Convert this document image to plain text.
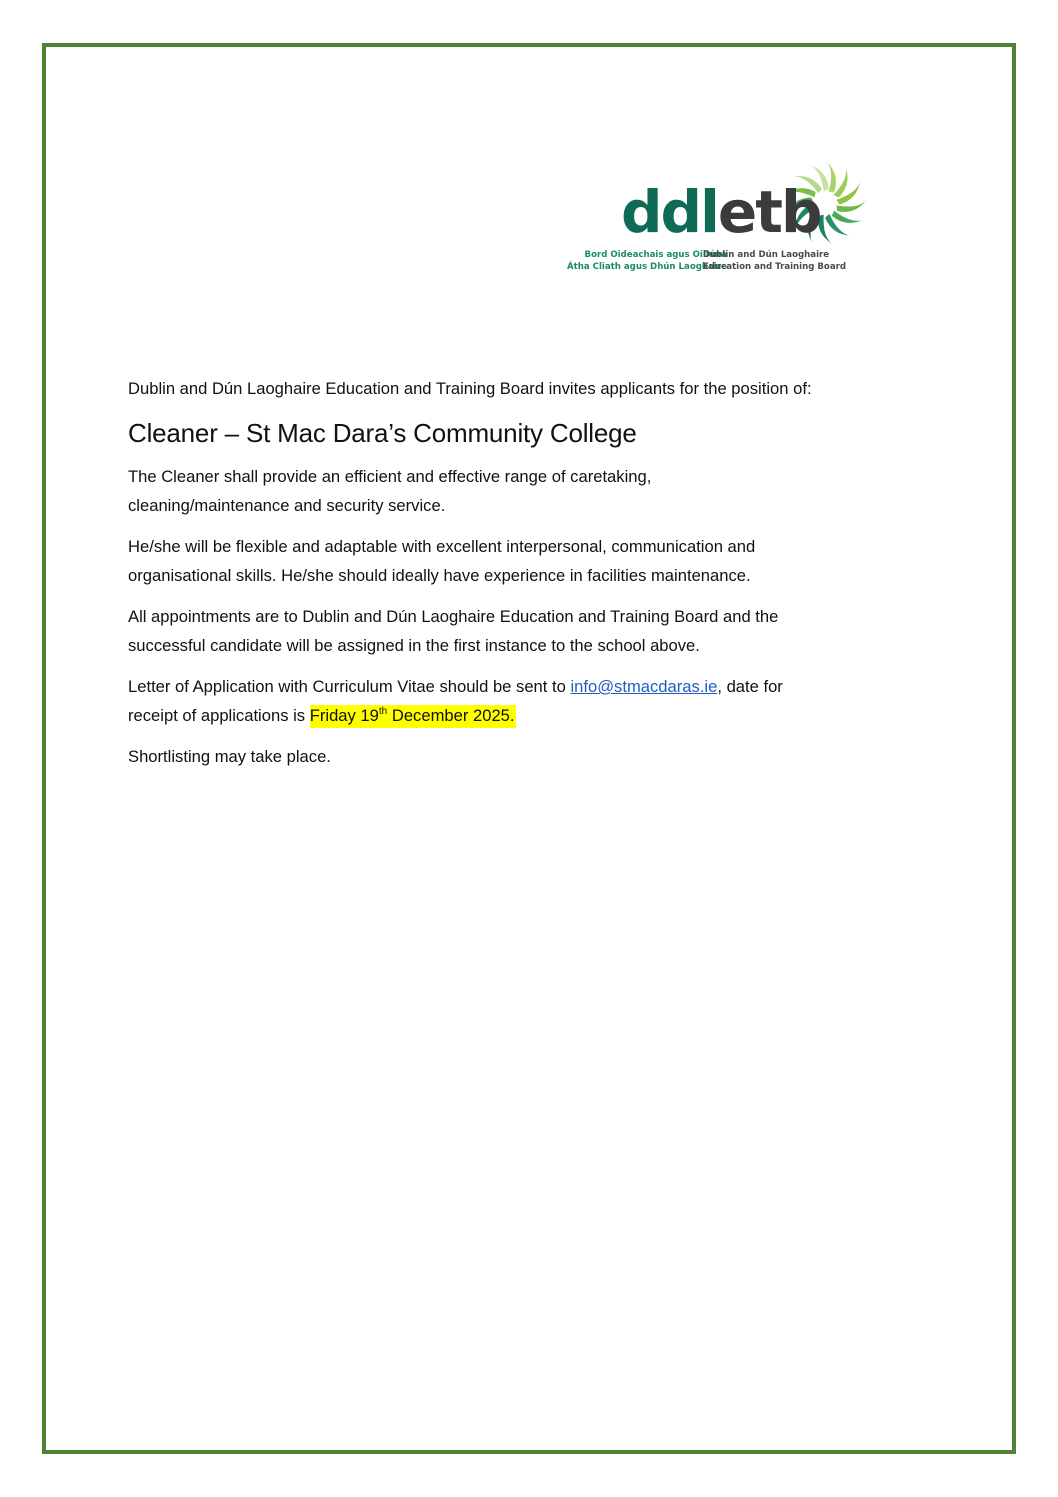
ddletb
Bord Oideachais agus Oiliúna
Átha Cliath agus Dhún Laoghaire
Dublin and Dún Laoghaire
Education and Training Board

Dublin and Dún Laoghaire Education and Training Board invites applicants for the position of:

Cleaner – St Mac Dara’s Community College

The Cleaner shall provide an efficient and effective range of caretaking,
cleaning/maintenance and security service.

He/she will be flexible and adaptable with excellent interpersonal, communication and
organisational skills. He/she should ideally have experience in facilities maintenance.

All appointments are to Dublin and Dún Laoghaire Education and Training Board and the
successful candidate will be assigned in the first instance to the school above.

Letter of Application with Curriculum Vitae should be sent to info@stmacdaras.ie, date for
receipt of applications is Friday 19th December 2025.

Shortlisting may take place.
